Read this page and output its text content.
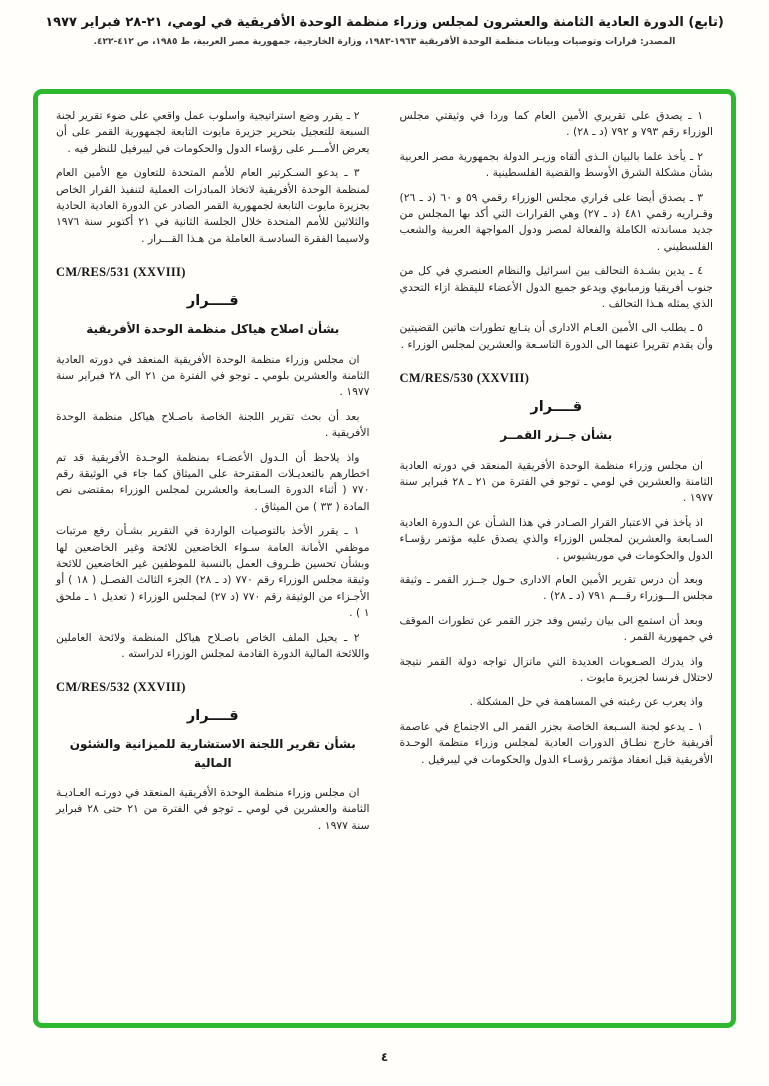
(تابع) الدورة العادية الثامنة والعشرون لمجلس وزراء منظمة الوحدة الأفريقية في لومي، ٢١-٢٨ فبراير ١٩٧٧
المصدر: قرارات وتوصيات وبيانات منظمة الوحدة الأفريقية ١٩٦٣-١٩٨٣، وزارة الخارجية، جمهورية مصر العربية، ط ١٩٨٥، ص ٤١٢-٤٢٢.
١ ـ يصدق على تقريري الأمين العام كما وردا في وثيقتي مجلس الوزراء رقم ٧٩٣ و ٧٩٢ (د ـ ٢٨) .
٢ ـ يأخذ علما بالبيان الـذى ألقاه وزيـر الدولة بجمهورية مصر العربية بشأن مشكلة الشرق الأوسط والقضية الفلسطينية .
٣ ـ يصدق أيضا على قراري مجلس الوزراء رقمي ٥٩ و ٦٠ (د ـ ٢٦) وقـراريه رقمي ٤٨١ (د ـ ٢٧) وهي القرارات التي أكد بها المجلس من جديد مساندته الكاملة والفعالة لمصر ودول المواجهة العربية والشعب الفلسطيني .
٤ ـ يدين بشـدة التحالف بين اسرائيل والنظام العنصري في كل من جنوب أفريقيا وزمبابوي ويدعو جميع الدول الأعضاء لليقظة ازاء التحدي الذي يمثله هـذا التحالف .
٥ ـ يطلب الى الأمين العـام الادارى أن يتـابع تطورات هاتين القضيتين وأن يقدم تقريرا عنهما الى الدورة التاسـعة والعشرين لمجلس الوزراء .
CM/RES/530 (XXVIII)
قــــرار
بشأن جــزر القمــر
ان مجلس وزراء منظمة الوحدة الأفريقية المنعقد في دورته العادية الثامنة والعشرين في لومي ـ توجو في الفترة من ٢١ ـ ٢٨ فبراير سنة ١٩٧٧ .
اذ يأخذ في الاعتبار القرار الصـادر في هذا الشـأن عن الـدورة العادية السـابعة والعشرين لمجلس الوزراء والذي يصدق عليه مؤتمر رؤسـاء الدول والحكومات في موريشيوس .
وبعد أن درس تقرير الأمين العام الادارى حـول جــزر القمر ـ وثيقة مجلس الـــوزراء رقـــم ٧٩١ (د ـ ٢٨) .
وبعد أن استمع الى بيان رئيس وفد جزر القمر عن تطورات الموقف في جمهورية القمر .
واذ يدرك الصـعوبات العديدة التي ماتزال تواجه دولة القمر نتيجة لاحتلال فرنسا لجزيرة مايوت .
واذ يعرب عن رغبته في المساهمة في حل المشكلة .
١ ـ يدعو لجنة السـبعة الخاصة بجزر القمر الى الاجتماع في عاصمة أفريقية خارج نطـاق الدورات العادية لمجلس وزراء منظمة الوحـدة الأفريقية قبل انعقاد مؤتمر رؤسـاء الدول والحكومات في ليبرفيل .
٢ ـ يقرر وضع استراتيجية واسلوب عمل واقعي على ضوء تقرير لجنة السبعة للتعجيل بتحرير جزيرة مايوت التابعة لجمهورية القمر على أن يعرض الأمـــر على رؤساء الدول والحكومات في ليبرفيل للنظر فيه .
٣ ـ يدعو السـكرتير العام للأمم المتحدة للتعاون مع الأمين العام لمنظمة الوحدة الأفريقية لاتخاذ المبادرات العملية لتنفيذ القرار الخاص بجزيرة مايوت التابعة لجمهورية القمر الصادر عن الدورة العادية الحادية والثلاثين للأمم المتحدة خلال الجلسة الثانية في ٢١ أكتوبر سنة ١٩٧٦ ولاسيما الفقرة السادسـة العاملة من هـذا القـــرار .
CM/RES/531 (XXVIII)
قــــرار
بشأن اصلاح هياكل منظمة الوحدة الأفريقية
ان مجلس وزراء منظمة الوحدة الأفريقية المنعقد في دورته العادية الثامنة والعشرين بلومي ـ توجو في الفترة من ٢١ الى ٢٨ فبراير سنة ١٩٧٧ .
بعد أن بحث تقرير اللجنة الخاصة باصـلاح هياكل منظمة الوحدة الأفريقية .
واذ يلاحظ أن الـدول الأعضـاء بمنظمة الوحـدة الأفريقية قد تم اخطارهم بالتعديـلات المقترحة على الميثاق كما جاء في الوثيقة رقم ٧٧٠ ( أثناء الدورة السـابعة والعشرين لمجلس الوزراء بمقتضى نص المادة ( ٣٣ ) من الميثاق .
١ ـ يقرر الأخذ بالتوصيات الواردة في التقرير بشـأن رفع مرتبات موظفي الأمانة العامة سـواء الخاضعين للائحة وغير الخاضعين لها وبشأن تحسين ظـروف العمل بالنسبة للموظفين غير الخاضعين للائحة وثيقة مجلس الوزراء رقم ٧٧٠ (د ـ ٢٨) الجزء الثالث الفصـل ( ١٨ ) أو الأجـزاء من الوثيقة رقم ٧٧٠ (د ٢٧) لمجلس الوزراء ( تعديل ١ ـ ملحق ١ ) .
٢ ـ يحيل الملف الخاص باصـلاح هياكل المنظمة ولائحة العاملين واللائحة المالية الدورة القادمة لمجلس الوزراء لدراسته .
CM/RES/532 (XXVIII)
قــــرار
بشأن تقرير اللجنة الاستشارية للميزانية والشئون المالية
ان مجلس وزراء منظمة الوحدة الأفريقية المنعقد في دورتـه العـاديـة الثامنة والعشرين في لومي ـ توجو في الفترة من ٢١ حتى ٢٨ فبراير سنة ١٩٧٧ .
٤
